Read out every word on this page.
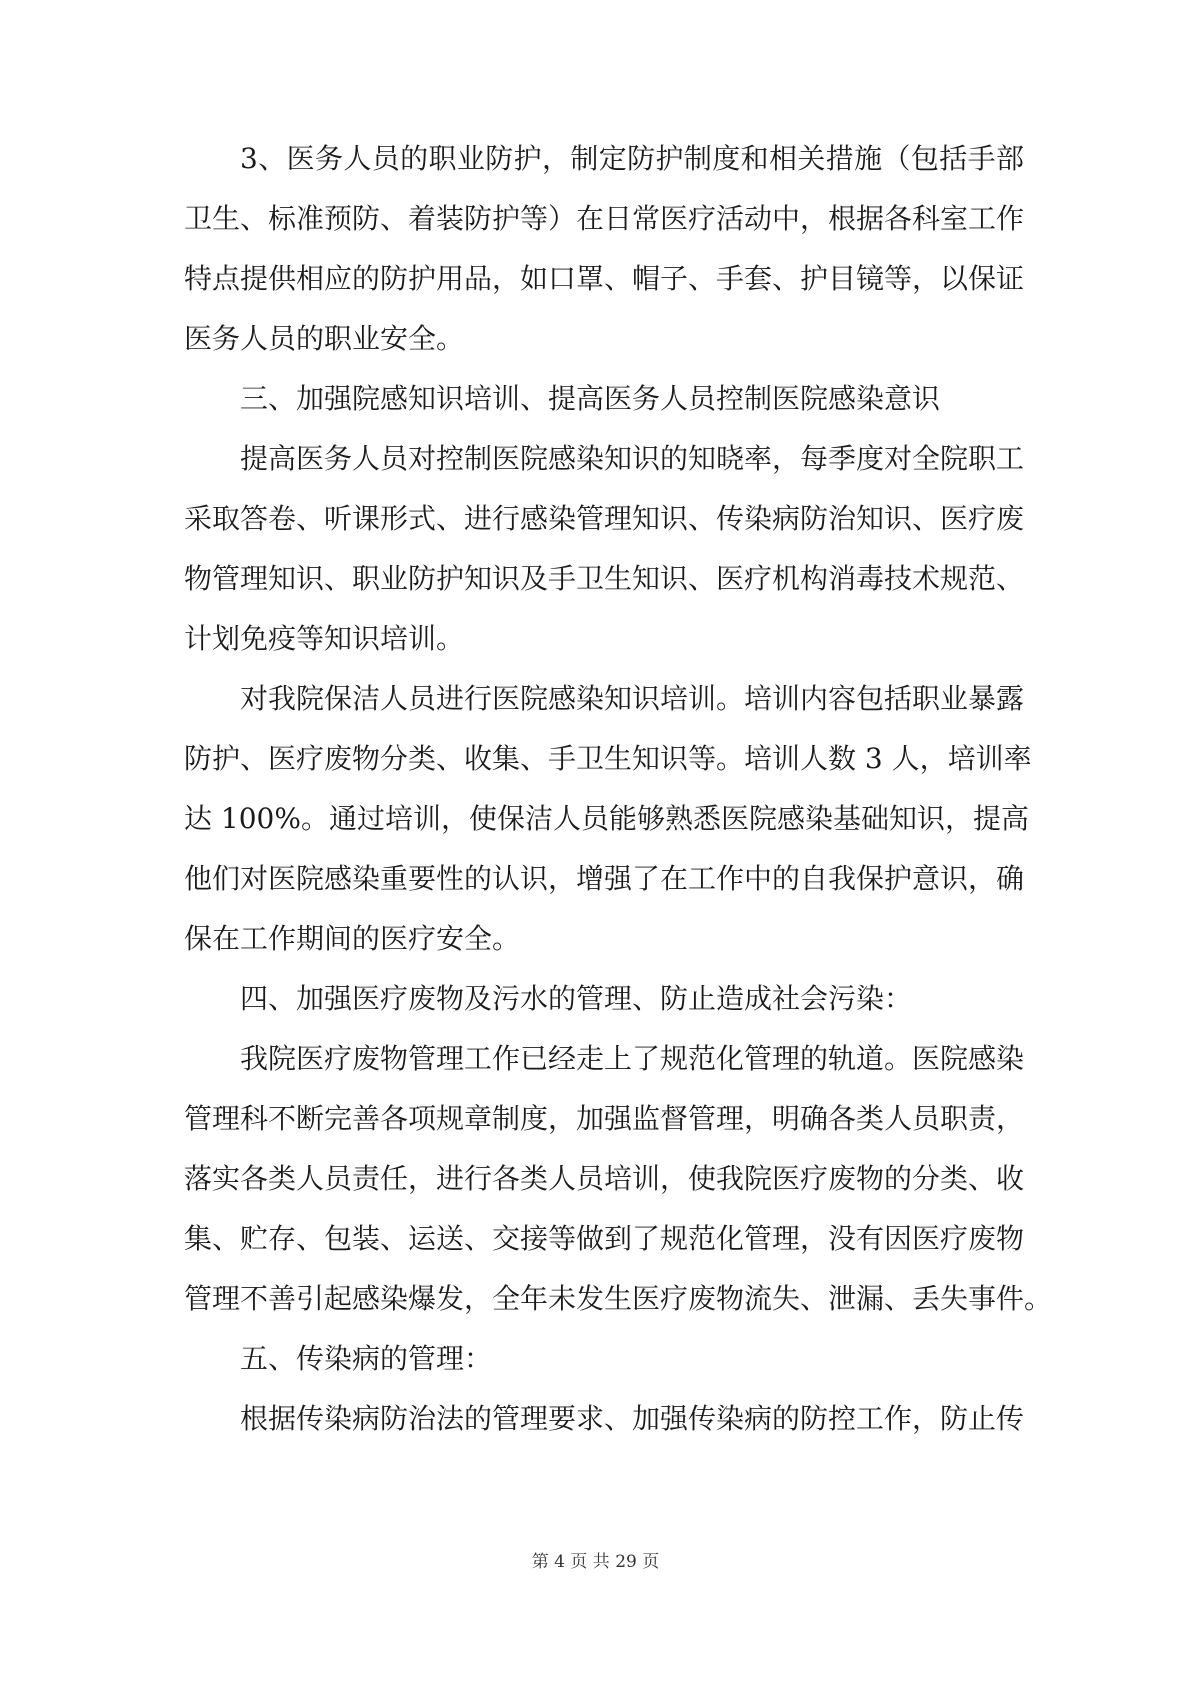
3、医务人员的职业防护，制定防护制度和相关措施（包括手部
卫生、标准预防、着装防护等）在日常医疗活动中，根据各科室工作
特点提供相应的防护用品，如口罩、帽子、手套、护目镜等，以保证
医务人员的职业安全。
三、加强院感知识培训、提高医务人员控制医院感染意识
提高医务人员对控制医院感染知识的知晓率，每季度对全院职工
采取答卷、听课形式、进行感染管理知识、传染病防治知识、医疗废
物管理知识、职业防护知识及手卫生知识、医疗机构消毒技术规范、
计划免疫等知识培训。
对我院保洁人员进行医院感染知识培训。培训内容包括职业暴露
防护、医疗废物分类、收集、手卫生知识等。培训人数 3 人，培训率
达 100%。通过培训，使保洁人员能够熟悉医院感染基础知识，提高
他们对医院感染重要性的认识，增强了在工作中的自我保护意识，确
保在工作期间的医疗安全。
四、加强医疗废物及污水的管理、防止造成社会污染：
我院医疗废物管理工作已经走上了规范化管理的轨道。医院感染
管理科不断完善各项规章制度，加强监督管理，明确各类人员职责，
落实各类人员责任，进行各类人员培训，使我院医疗废物的分类、收
集、贮存、包装、运送、交接等做到了规范化管理，没有因医疗废物
管理不善引起感染爆发，全年未发生医疗废物流失、泄漏、丢失事件。
五、传染病的管理：
根据传染病防治法的管理要求、加强传染病的防控工作，防止传
第 4 页 共 29 页
